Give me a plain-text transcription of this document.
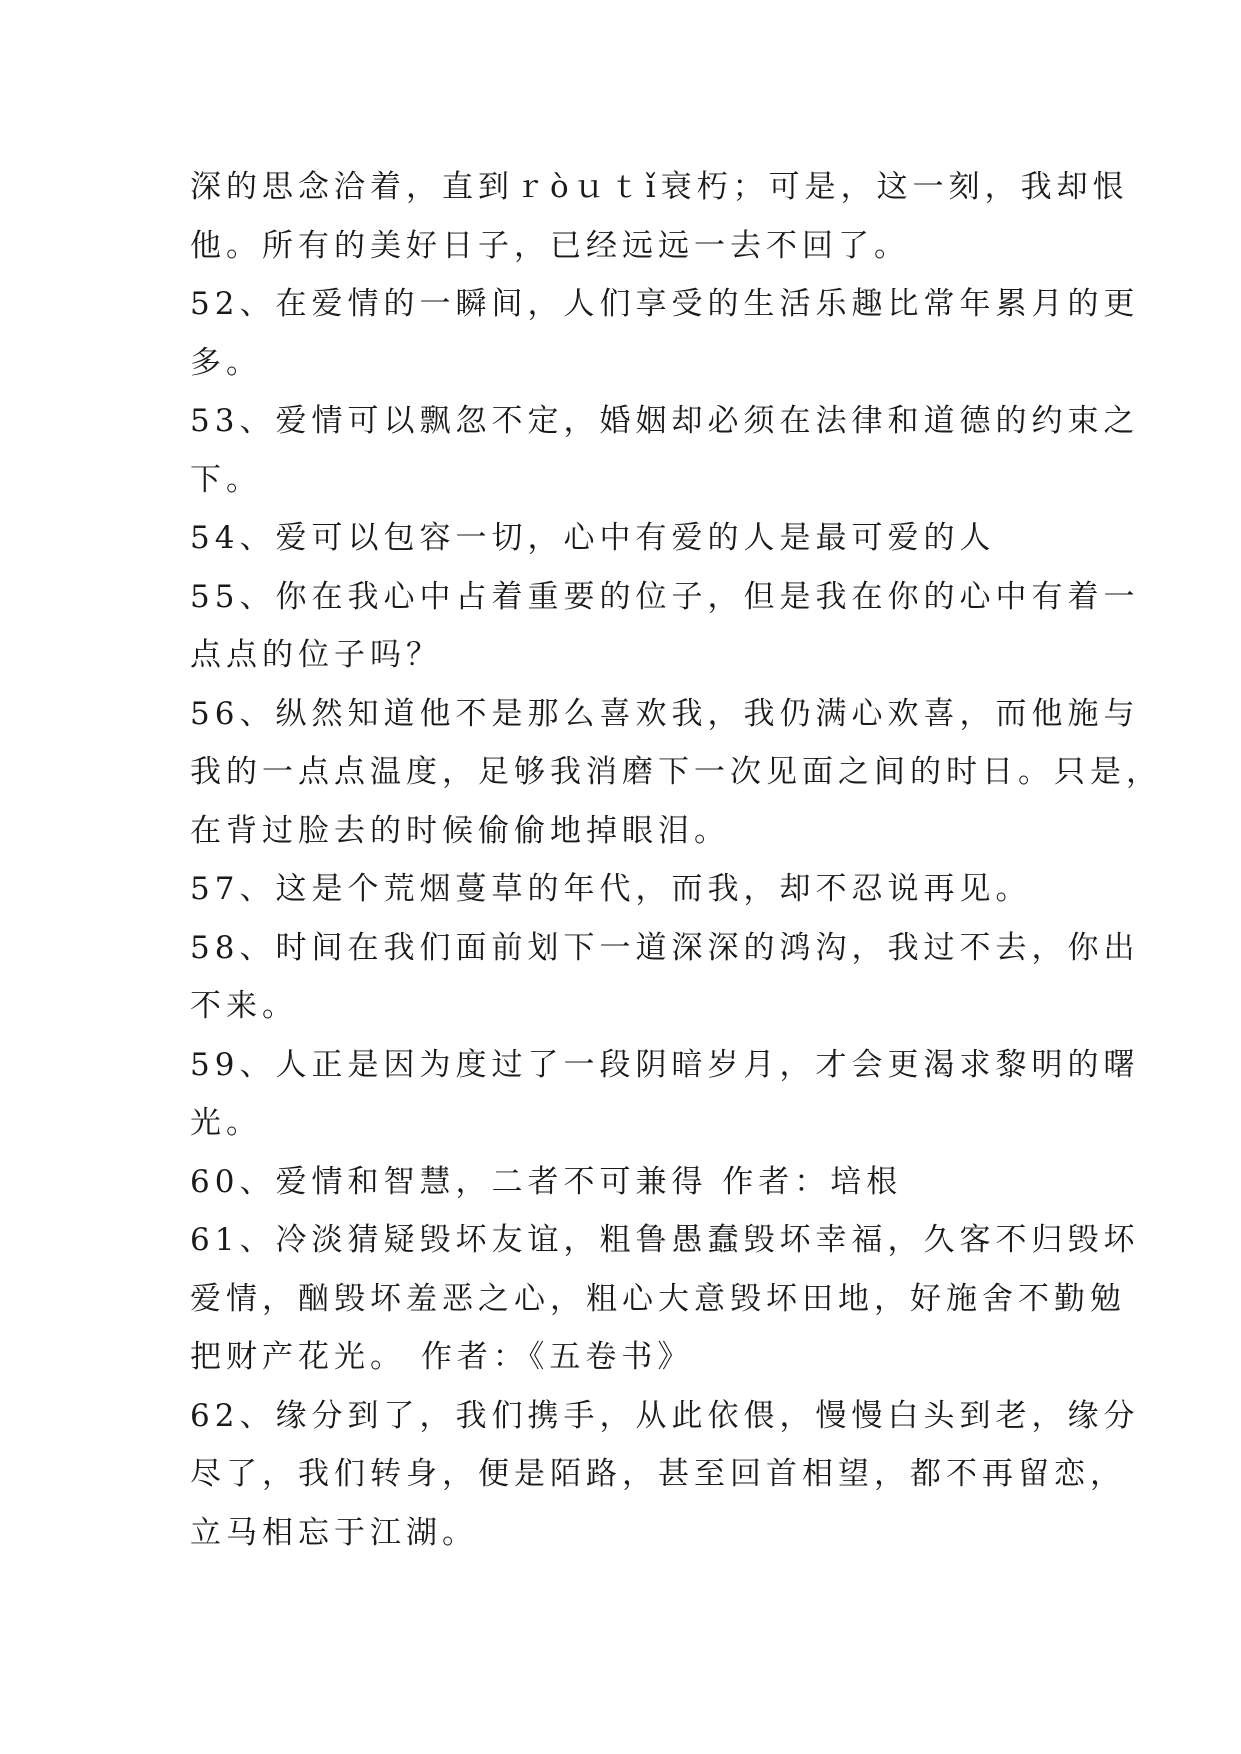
深的思念洽着，直到ｒòｕｔǐ衰朽；可是，这一刻，我却恨
他。所有的美好日子，已经远远一去不回了。
52、在爱情的一瞬间，人们享受的生活乐趣比常年累月的更
多。
53、爱情可以飘忽不定，婚姻却必须在法律和道德的约束之
下。
54、爱可以包容一切，心中有爱的人是最可爱的人
55、你在我心中占着重要的位子，但是我在你的心中有着一
点点的位子吗？
56、纵然知道他不是那么喜欢我，我仍满心欢喜，而他施与
我的一点点温度，足够我消磨下一次见面之间的时日。只是，
在背过脸去的时候偷偷地掉眼泪。
57、这是个荒烟蔓草的年代，而我，却不忍说再见。
58、时间在我们面前划下一道深深的鸿沟，我过不去，你出
不来。
59、人正是因为度过了一段阴暗岁月，才会更渴求黎明的曙
光。
60、爱情和智慧，二者不可兼得 作者：培根
61、冷淡猜疑毁坏友谊，粗鲁愚蠢毁坏幸福，久客不归毁坏
爱情，酗毁坏羞恶之心，粗心大意毁坏田地，好施舍不勤勉
把财产花光。 作者：《五卷书》
62、缘分到了，我们携手，从此依偎，慢慢白头到老，缘分
尽了，我们转身，便是陌路，甚至回首相望，都不再留恋，
立马相忘于江湖。
